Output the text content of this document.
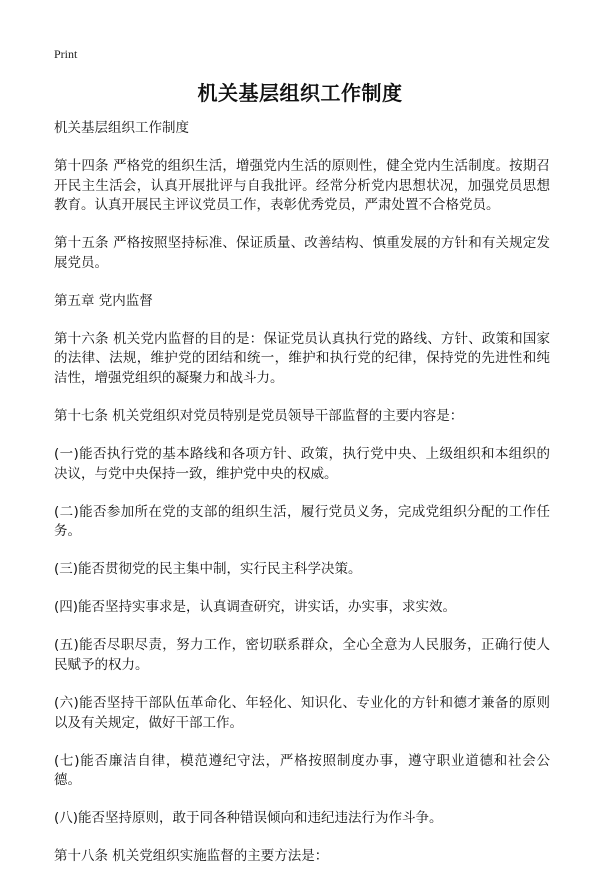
Print
机关基层组织工作制度

机关基层组织工作制度

第十四条 严格党的组织生活，增强党内生活的原则性，健全党内生活制度。按期召开民主生活会，认真开展批评与自我批评。经常分析党内思想状况，加强党员思想教育。认真开展民主评议党员工作，表彰优秀党员，严肃处置不合格党员。

第十五条 严格按照坚持标准、保证质量、改善结构、慎重发展的方针和有关规定发展党员。

第五章 党内监督

第十六条 机关党内监督的目的是：保证党员认真执行党的路线、方针、政策和国家的法律、法规，维护党的团结和统一，维护和执行党的纪律，保持党的先进性和纯洁性，增强党组织的凝聚力和战斗力。

第十七条 机关党组织对党员特别是党员领导干部监督的主要内容是：

(一)能否执行党的基本路线和各项方针、政策，执行党中央、上级组织和本组织的决议，与党中央保持一致，维护党中央的权威。

(二)能否参加所在党的支部的组织生活，履行党员义务，完成党组织分配的工作任务。

(三)能否贯彻党的民主集中制，实行民主科学决策。

(四)能否坚持实事求是，认真调查研究，讲实话，办实事，求实效。

(五)能否尽职尽责，努力工作，密切联系群众，全心全意为人民服务，正确行使人民赋予的权力。

(六)能否坚持干部队伍革命化、年轻化、知识化、专业化的方针和德才兼备的原则以及有关规定，做好干部工作。

(七)能否廉洁自律，模范遵纪守法，严格按照制度办事，遵守职业道德和社会公德。

(八)能否坚持原则，敢于同各种错误倾向和违纪违法行为作斗争。

第十八条 机关党组织实施监督的主要方法是：
